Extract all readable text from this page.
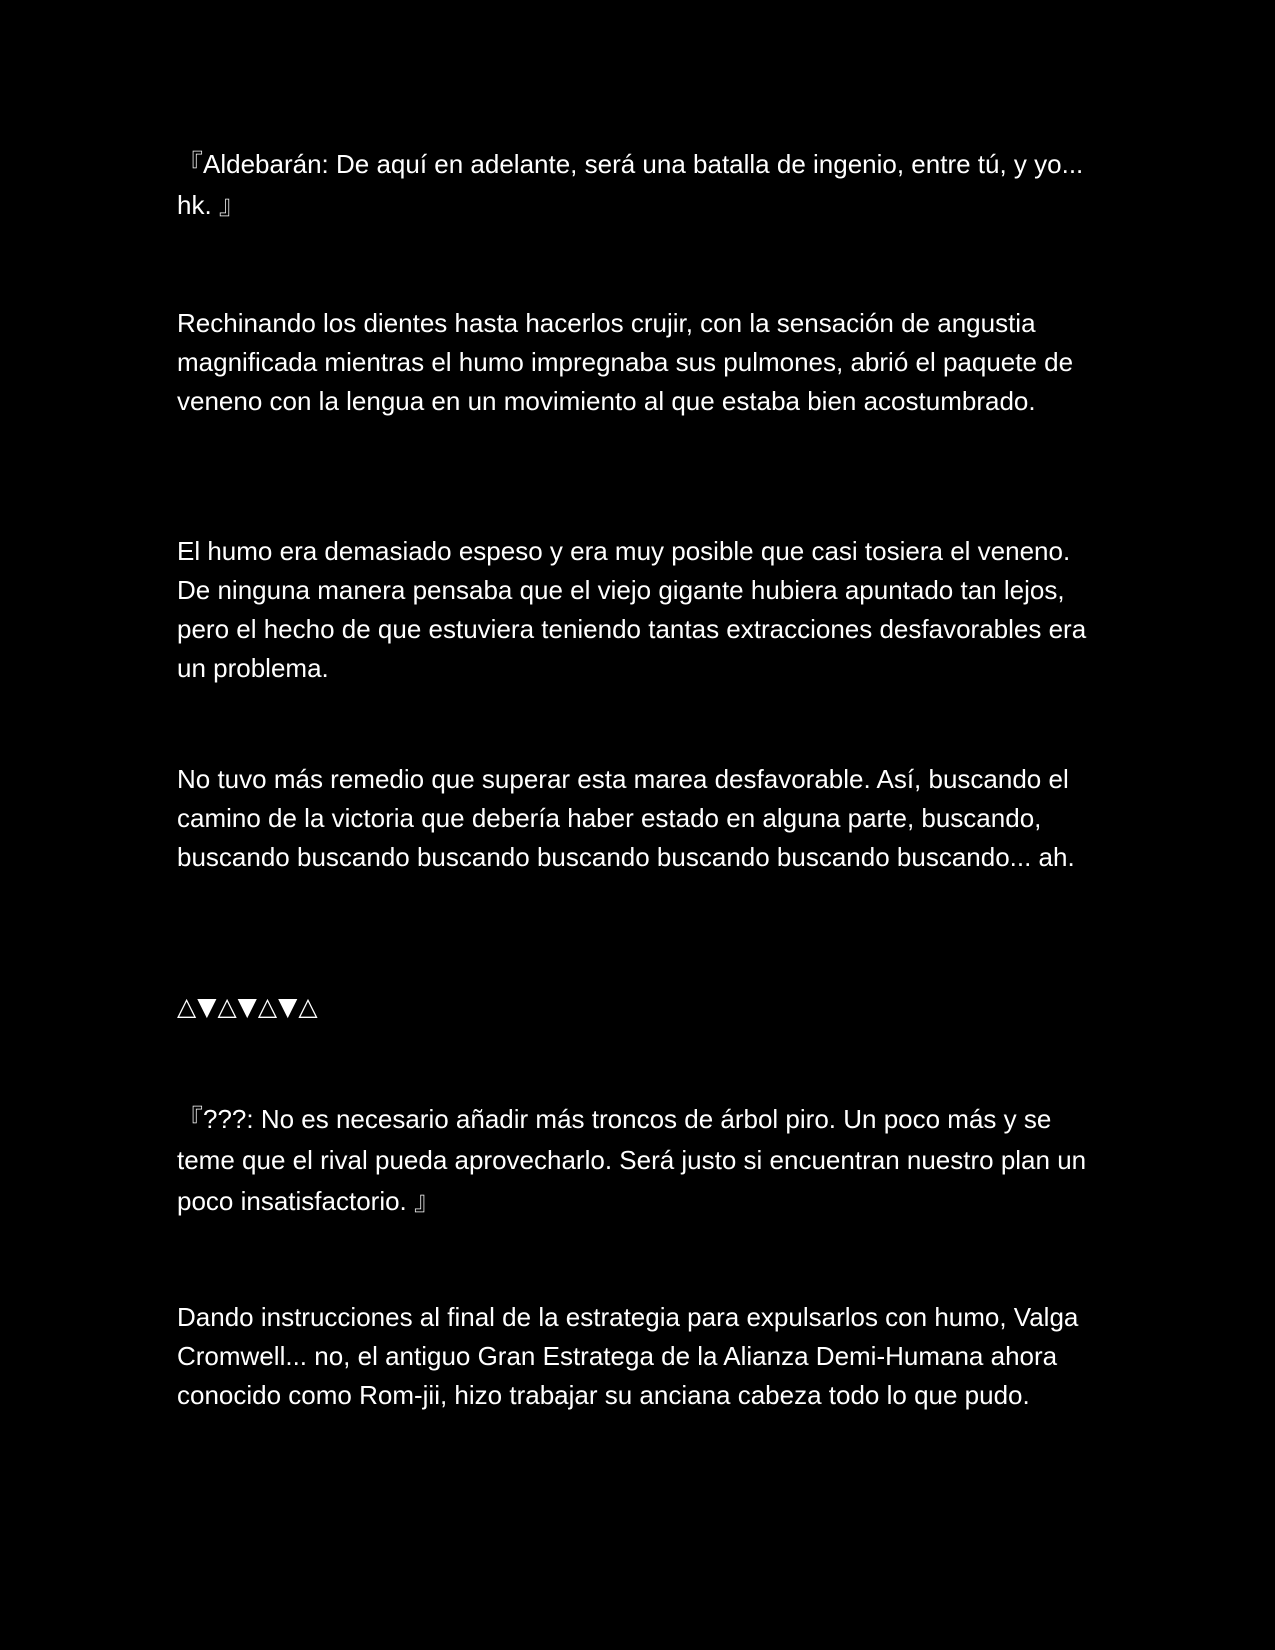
『Aldebarán: De aquí en adelante, será una batalla de ingenio, entre tú, y yo... hk. 』

Rechinando los dientes hasta hacerlos crujir, con la sensación de angustia magnificada mientras el humo impregnaba sus pulmones, abrió el paquete de veneno con la lengua en un movimiento al que estaba bien acostumbrado.

El humo era demasiado espeso y era muy posible que casi tosiera el veneno. De ninguna manera pensaba que el viejo gigante hubiera apuntado tan lejos, pero el hecho de que estuviera teniendo tantas extracciones desfavorables era un problema.

No tuvo más remedio que superar esta marea desfavorable. Así, buscando el camino de la victoria que debería haber estado en alguna parte, buscando, buscando buscando buscando buscando buscando buscando buscando... ah.

△▼△▼△▼△

『???: No es necesario añadir más troncos de árbol piro. Un poco más y se teme que el rival pueda aprovecharlo. Será justo si encuentran nuestro plan un poco insatisfactorio. 』

Dando instrucciones al final de la estrategia para expulsarlos con humo, Valga Cromwell... no, el antiguo Gran Estratega de la Alianza Demi-Humana ahora conocido como Rom-jii, hizo trabajar su anciana cabeza todo lo que pudo.
